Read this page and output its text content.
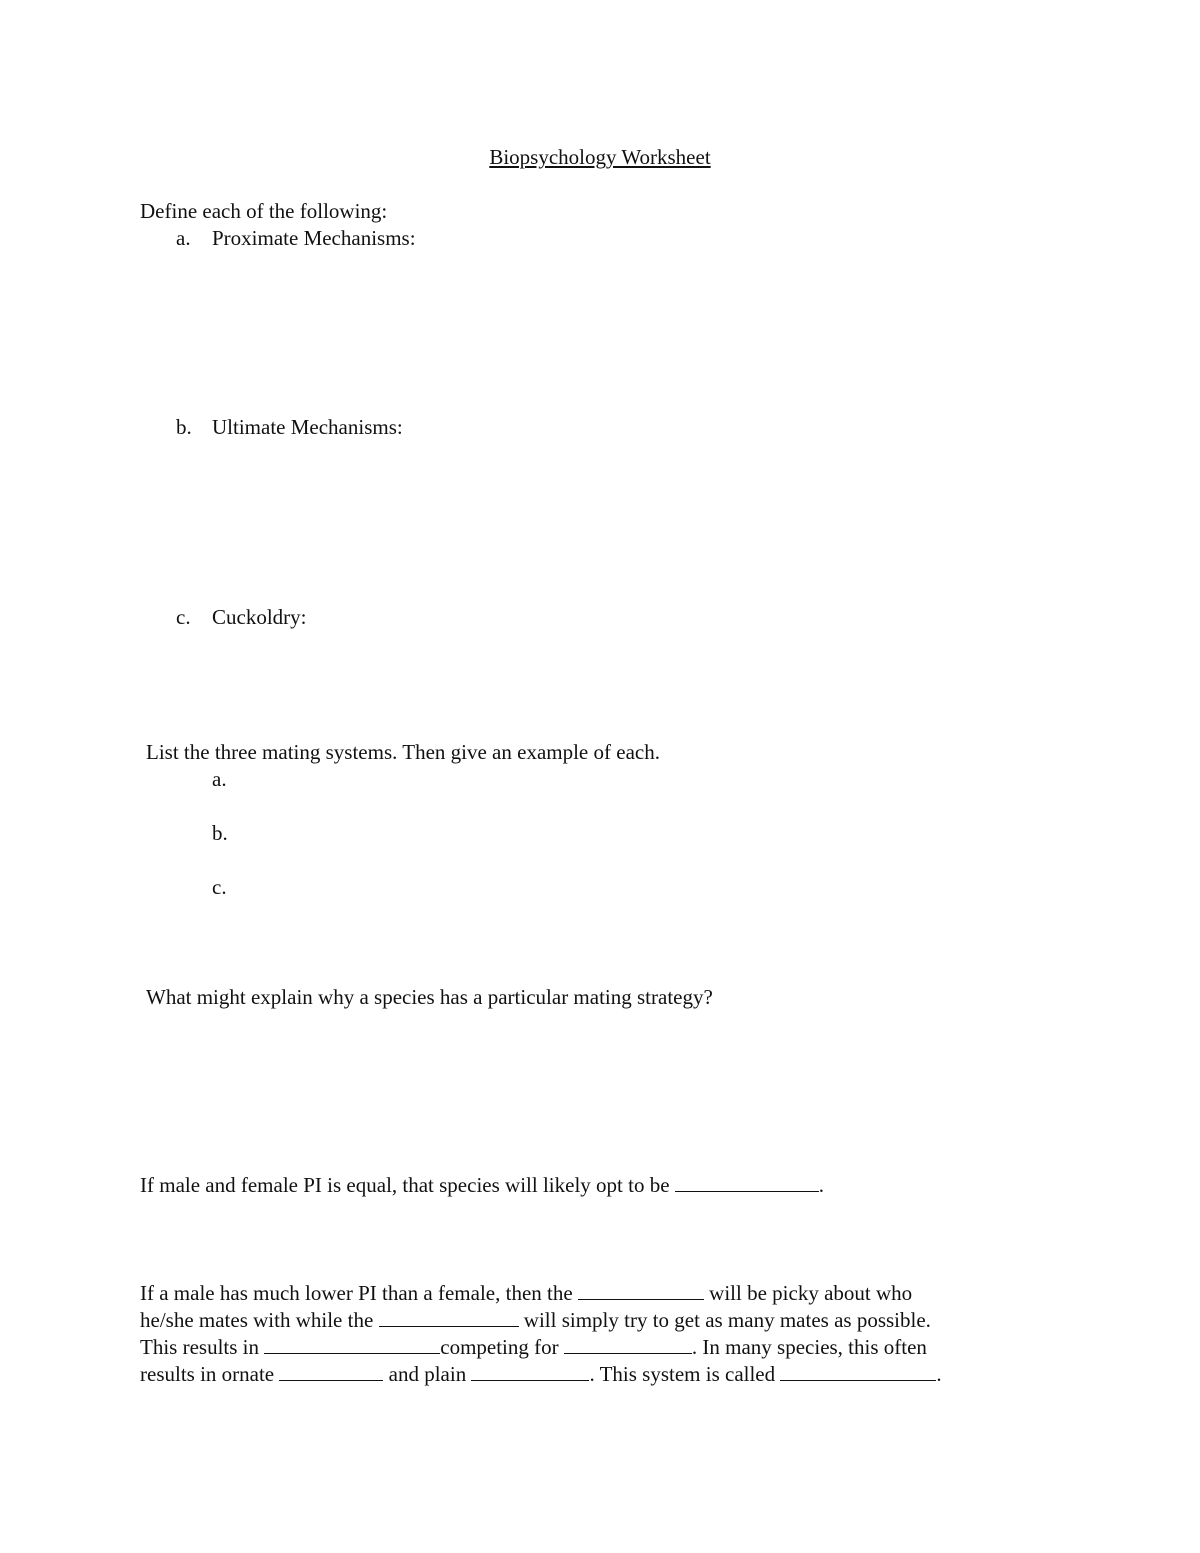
Biopsychology Worksheet
Define each of the following:
a. Proximate Mechanisms:
b. Ultimate Mechanisms:
c. Cuckoldry:
List the three mating systems. Then give an example of each.
a.
b.
c.
What might explain why a species has a particular mating strategy?
If male and female PI is equal, that species will likely opt to be	.
If a male has much lower PI than a female, then the	will be picky about who
he/she mates with while the	will simply try to get as many mates as possible.
This results in	competing for	. In many species, this often
results in ornate	and plain	. This system is called	.
